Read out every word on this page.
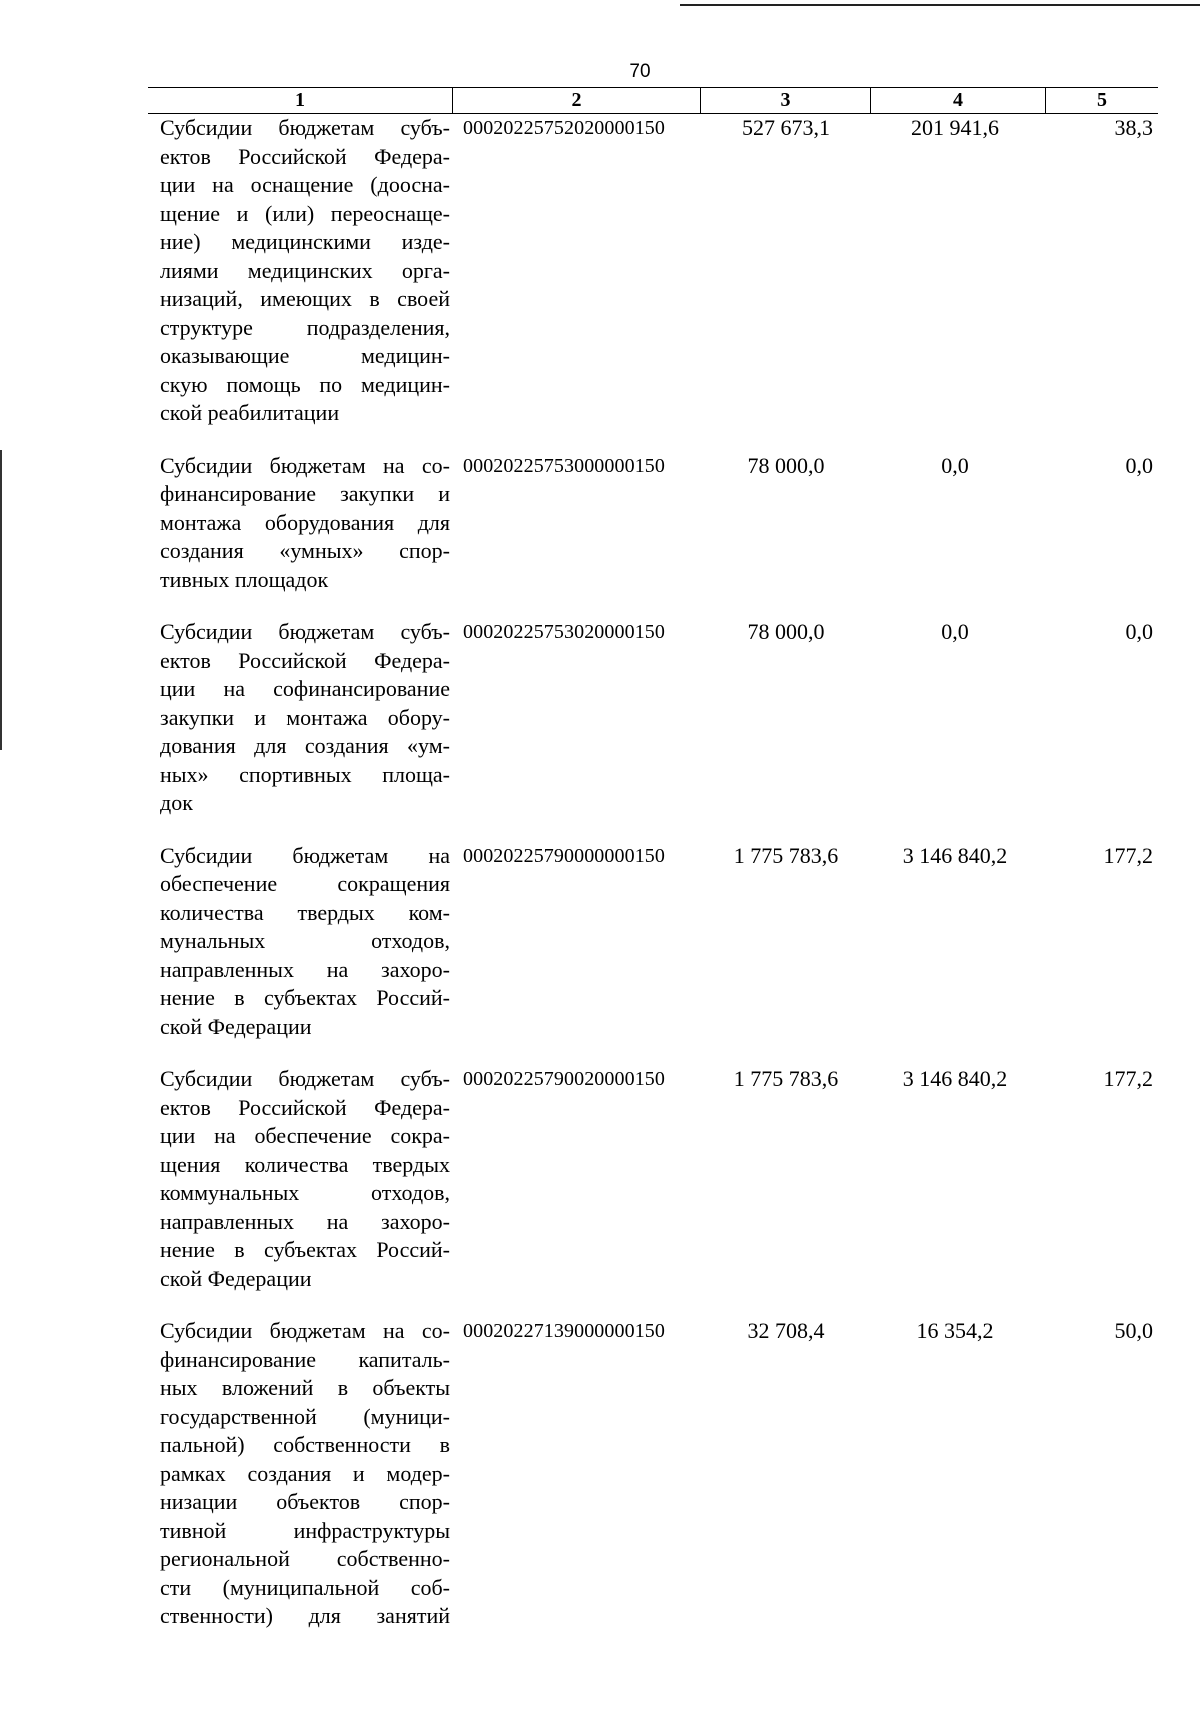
70
1	2	3	4	5
Субсидии бюджетам субъ-
ектов Российской Федера-
ции на оснащение (доосна-
щение и (или) переоснаще-
ние) медицинскими изде-
лиями медицинских орга-
низаций, имеющих в своей
структуре подразделения,
оказывающие медицин-
скую помощь по медицин-
ской реабилитации
00020225752020000150	527 673,1	201 941,6	38,3
Субсидии бюджетам на со-
финансирование закупки и
монтажа оборудования для
создания «умных» спор-
тивных площадок
00020225753000000150	78 000,0	0,0	0,0
Субсидии бюджетам субъ-
ектов Российской Федера-
ции на софинансирование
закупки и монтажа обору-
дования для создания «ум-
ных» спортивных площа-
док
00020225753020000150	78 000,0	0,0	0,0
Субсидии бюджетам на
обеспечение сокращения
количества твердых ком-
мунальных отходов,
направленных на захоро-
нение в субъектах Россий-
ской Федерации
00020225790000000150	1 775 783,6	3 146 840,2	177,2
Субсидии бюджетам субъ-
ектов Российской Федера-
ции на обеспечение сокра-
щения количества твердых
коммунальных отходов,
направленных на захоро-
нение в субъектах Россий-
ской Федерации
00020225790020000150	1 775 783,6	3 146 840,2	177,2
Субсидии бюджетам на со-
финансирование капиталь-
ных вложений в объекты
государственной (муници-
пальной) собственности в
рамках создания и модер-
низации объектов спор-
тивной инфраструктуры
региональной собственно-
сти (муниципальной соб-
ственности) для занятий
00020227139000000150	32 708,4	16 354,2	50,0
